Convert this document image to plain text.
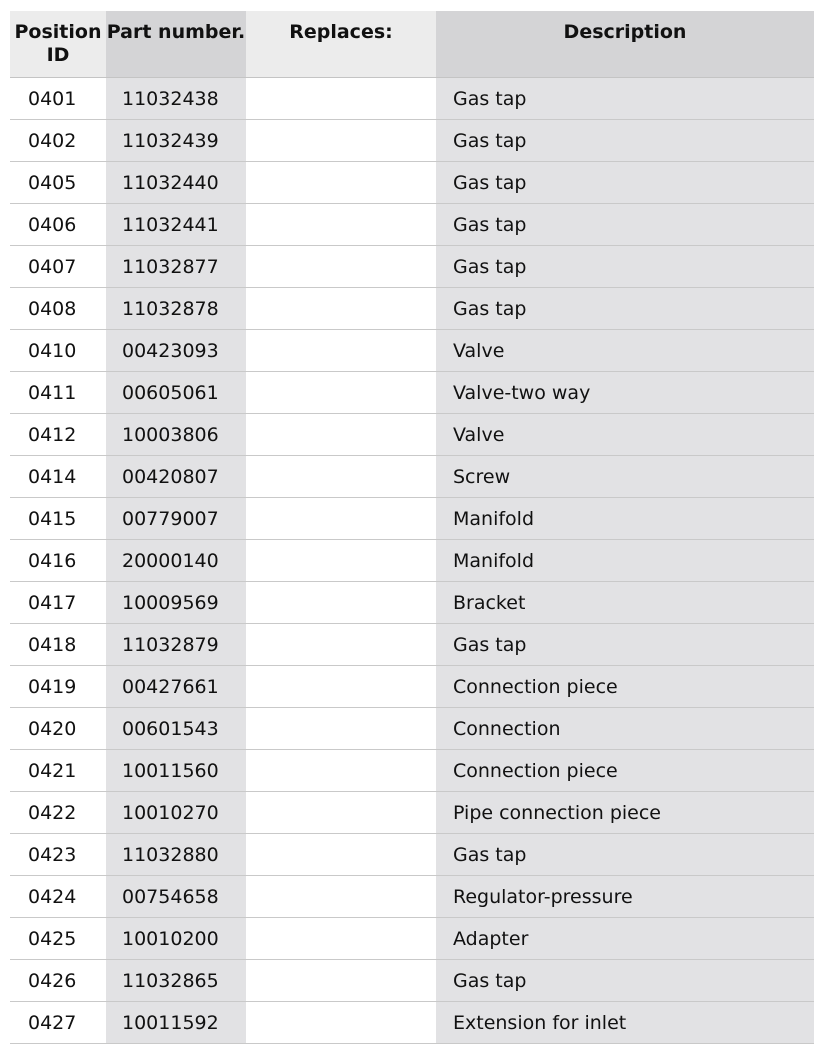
Position ID	Part number.	Replaces:	Description

0401	11032438		Gas tap
0402	11032439		Gas tap
0405	11032440		Gas tap
0406	11032441		Gas tap
0407	11032877		Gas tap
0408	11032878		Gas tap
0410	00423093		Valve
0411	00605061		Valve-two way
0412	10003806		Valve
0414	00420807		Screw
0415	00779007		Manifold
0416	20000140		Manifold
0417	10009569		Bracket
0418	11032879		Gas tap
0419	00427661		Connection piece
0420	00601543		Connection
0421	10011560		Connection piece
0422	10010270		Pipe connection piece
0423	11032880		Gas tap
0424	00754658		Regulator-pressure
0425	10010200		Adapter
0426	11032865		Gas tap
0427	10011592		Extension for inlet
